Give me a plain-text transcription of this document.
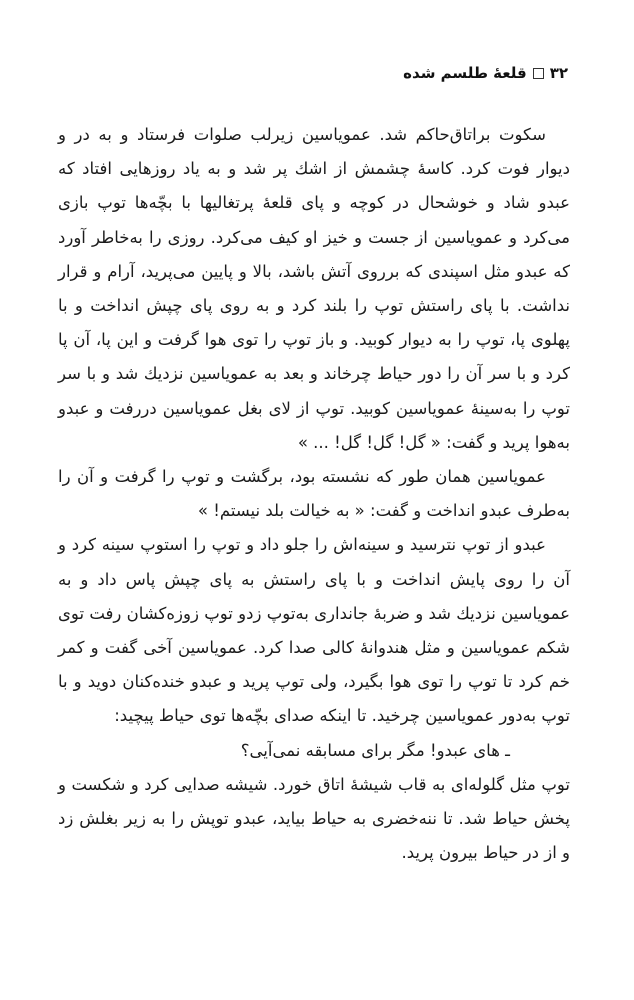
۳۲
قلعهٔ طلسم شده

سکوت براتاق‌حاکم شد. عموياسين زيرلب صلوات فرستاد و به در و ديوار فوت کرد. کاسهٔ چشمش از اشك پر شد و به ياد روزهايی افتاد که عبدو شاد و خوشحال در کوچه و پای قلعهٔ پرتغاليها با بچّه‌ها توپ بازی می‌کرد و عموياسين از جست و خيز او کيف می‌کرد. روزی را به‌خاطر آورد که عبدو مثل اسپندی که برروی آتش باشد، بالا و پايين می‌پريد، آرام و قرار نداشت. با پای راستش توپ را بلند کرد و به روی پای چپش انداخت و با پهلوی پا، توپ را به ديوار کوبيد. و باز توپ را توی هوا گرفت و اين پا، آن پا کرد و با سر آن را دور حياط چرخاند و بعد به عموياسين نزديك شد و با سر توپ را به‌سينهٔ عموياسين کوبيد. توپ از لای بغل عموياسين دررفت و عبدو به‌هوا پريد و گفت: « گل! گل! گل! ... »

عموياسين همان طور که نشسته بود، برگشت و توپ را گرفت و آن را به‌طرف عبدو انداخت و گفت: « به خيالت بلد نيستم! »

عبدو از توپ نترسيد و سينه‌اش را جلو داد و توپ را استوپ سينه کرد و آن را روی پايش انداخت و با پای راستش به پای چپش پاس داد و به عموياسين نزديك شد و ضربهٔ جانداری به‌توپ زدو توپ زوزه‌کشان رفت توی شکم عموياسين و مثل هندوانهٔ کالی صدا کرد. عموياسين آخی گفت و کمر خم کرد تا توپ را توی هوا بگيرد، ولی توپ پريد و عبدو خنده‌کنان دويد و با توپ به‌دور عموياسين چرخيد. تا اينکه صدای بچّه‌ها توی حياط پيچيد:

ـ های عبدو! مگر برای مسابقه نمی‌آيی؟

توپ مثل گلوله‌ای به قاب شيشهٔ اتاق خورد. شيشه صدايی کرد و شکست و پخش حياط شد. تا ننه‌خضری به حياط بيايد، عبدو توپش را به زير بغلش زد و از در حياط بيرون پريد.
